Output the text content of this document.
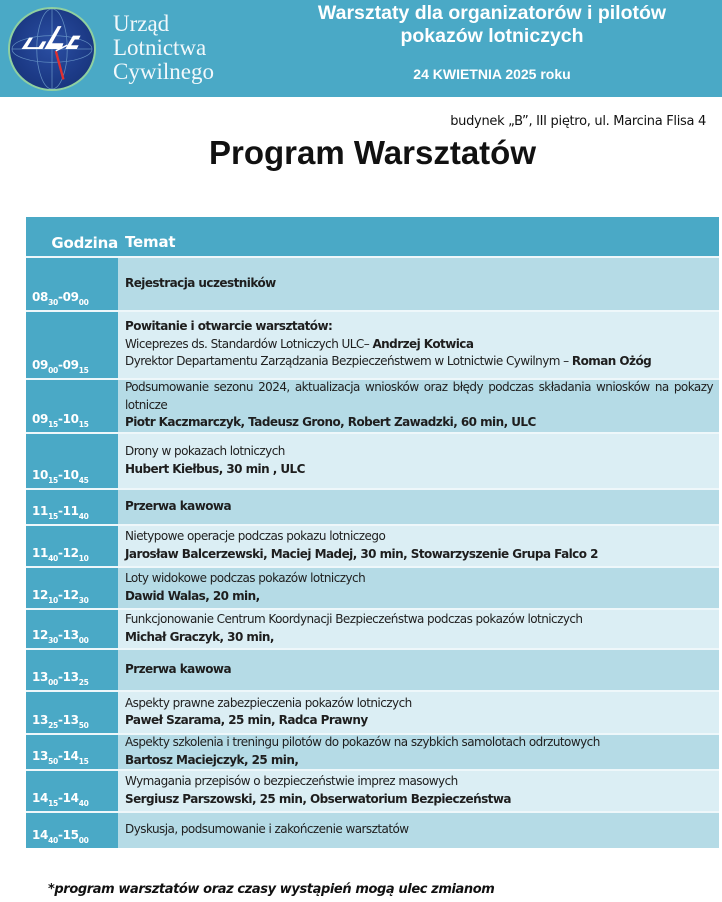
Urząd
Lotnictwa
Cywilnego
Warsztaty dla organizatorów i pilotów
pokazów lotniczych
24 KWIETNIA 2025 roku
budynek „B”, III piętro, ul. Marcina Flisa 4
Program Warsztatów
Godzina Temat
$08^{30}$ $-09^{00}$
Rejestracja uczestników
$09^{00}$ $-09^{15}$
Powitanie i otwarcie warsztatów:
Wiceprezes ds. Standardów Lotniczych ULC– Andrzej Kotwica
Dyrektor Departamentu Zarządzania Bezpieczeństwem w Lotnictwie Cywilnym – Roman Ożóg
$09^{15}$ $-10^{15}$
Podsumowanie sezonu 2024, aktualizacja wniosków oraz błędy podczas składania wniosków na pokazy lotnicze
Piotr Kaczmarczyk, Tadeusz Grono, Robert Zawadzki, 60 min, ULC
$10^{15}$ $-10^{45}$
Drony w pokazach lotniczych
Hubert Kiełbus, 30 min , ULC
$11^{15}$ $-11^{40}$
Przerwa kawowa
$11^{40}$ $-12^{10}$
Nietypowe operacje podczas pokazu lotniczego
Jarosław Balcerzewski, Maciej Madej, 30 min, Stowarzyszenie Grupa Falco 2
$12^{10}$ $-12^{30}$
Loty widokowe podczas pokazów lotniczych
Dawid Walas, 20 min,
$12^{30}$ $-13^{00}$
Funkcjonowanie Centrum Koordynacji Bezpieczeństwa podczas pokazów lotniczych
Michał Graczyk, 30 min,
$13^{00}$ $-13^{25}$
Przerwa kawowa
$13^{25}$ $-13^{50}$
Aspekty prawne zabezpieczenia pokazów lotniczych
Paweł Szarama, 25 min, Radca Prawny
$13^{50}$ $-14^{15}$
Aspekty szkolenia i treningu pilotów do pokazów na szybkich samolotach odrzutowych
Bartosz Maciejczyk, 25 min,
$14^{15}$ $-14^{40}$
Wymagania przepisów o bezpieczeństwie imprez masowych
Sergiusz Parszowski, 25 min, Obserwatorium Bezpieczeństwa
$14^{40}$ $-15^{00}$
Dyskusja, podsumowanie i zakończenie warsztatów
*program warsztatów oraz czasy wystąpień mogą ulec zmianom
